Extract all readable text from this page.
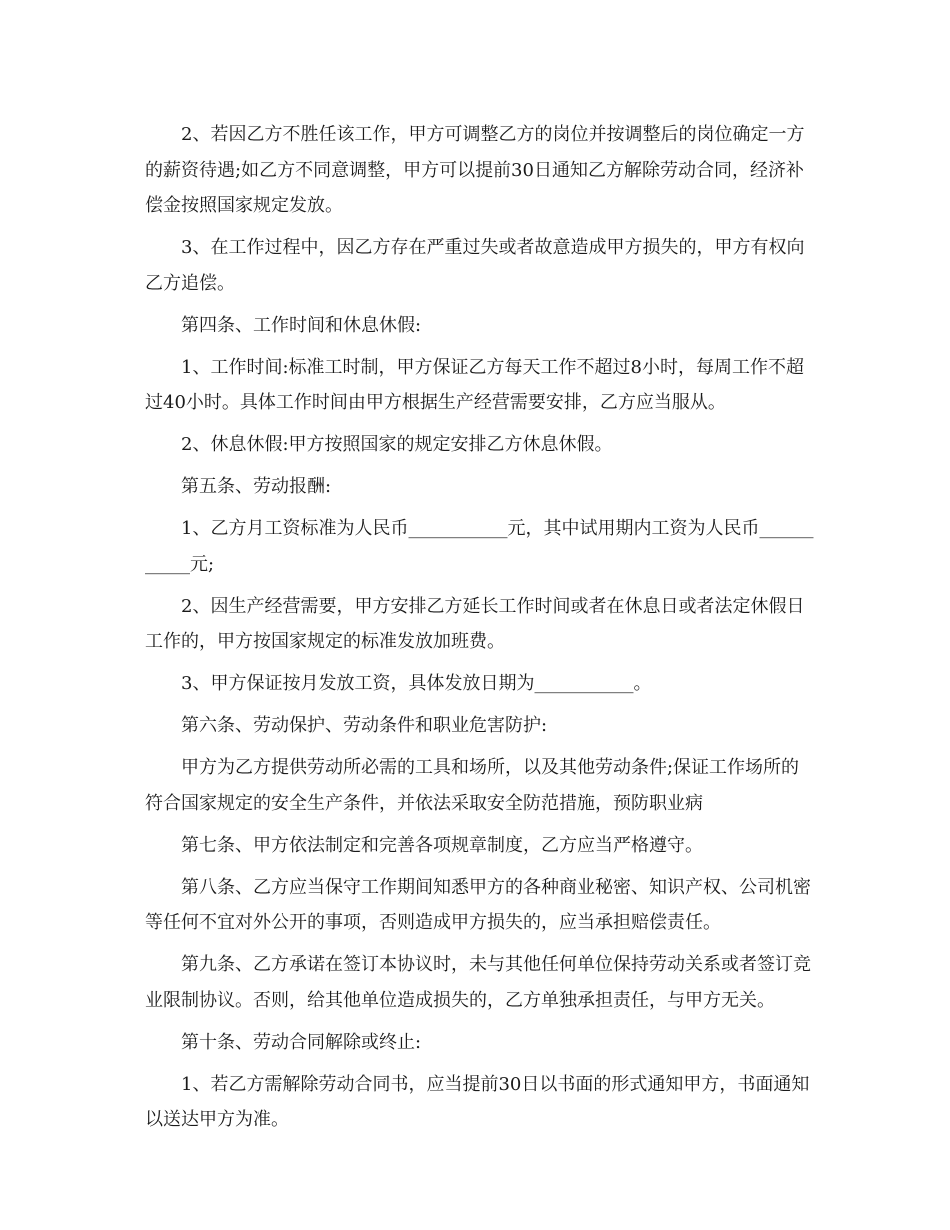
2、若因乙方不胜任该工作，甲方可调整乙方的岗位并按调整后的岗位确定一方的薪资待遇;如乙方不同意调整，甲方可以提前30日通知乙方解除劳动合同，经济补偿金按照国家规定发放。

3、在工作过程中，因乙方存在严重过失或者故意造成甲方损失的，甲方有权向乙方追偿。

第四条、工作时间和休息休假:

1、工作时间:标准工时制，甲方保证乙方每天工作不超过8小时，每周工作不超过40小时。具体工作时间由甲方根据生产经营需要安排，乙方应当服从。

2、休息休假:甲方按照国家的规定安排乙方休息休假。

第五条、劳动报酬:

1、乙方月工资标准为人民币___________元，其中试用期内工资为人民币___________元;

2、因生产经营需要，甲方安排乙方延长工作时间或者在休息日或者法定休假日工作的，甲方按国家规定的标准发放加班费。

3、甲方保证按月发放工资，具体发放日期为___________。

第六条、劳动保护、劳动条件和职业危害防护:

甲方为乙方提供劳动所必需的工具和场所，以及其他劳动条件;保证工作场所的符合国家规定的安全生产条件，并依法采取安全防范措施，预防职业病

第七条、甲方依法制定和完善各项规章制度，乙方应当严格遵守。

第八条、乙方应当保守工作期间知悉甲方的各种商业秘密、知识产权、公司机密等任何不宜对外公开的事项，否则造成甲方损失的，应当承担赔偿责任。

第九条、乙方承诺在签订本协议时，未与其他任何单位保持劳动关系或者签订竞业限制协议。否则，给其他单位造成损失的，乙方单独承担责任，与甲方无关。

第十条、劳动合同解除或终止:

1、若乙方需解除劳动合同书，应当提前30日以书面的形式通知甲方，书面通知以送达甲方为准。
